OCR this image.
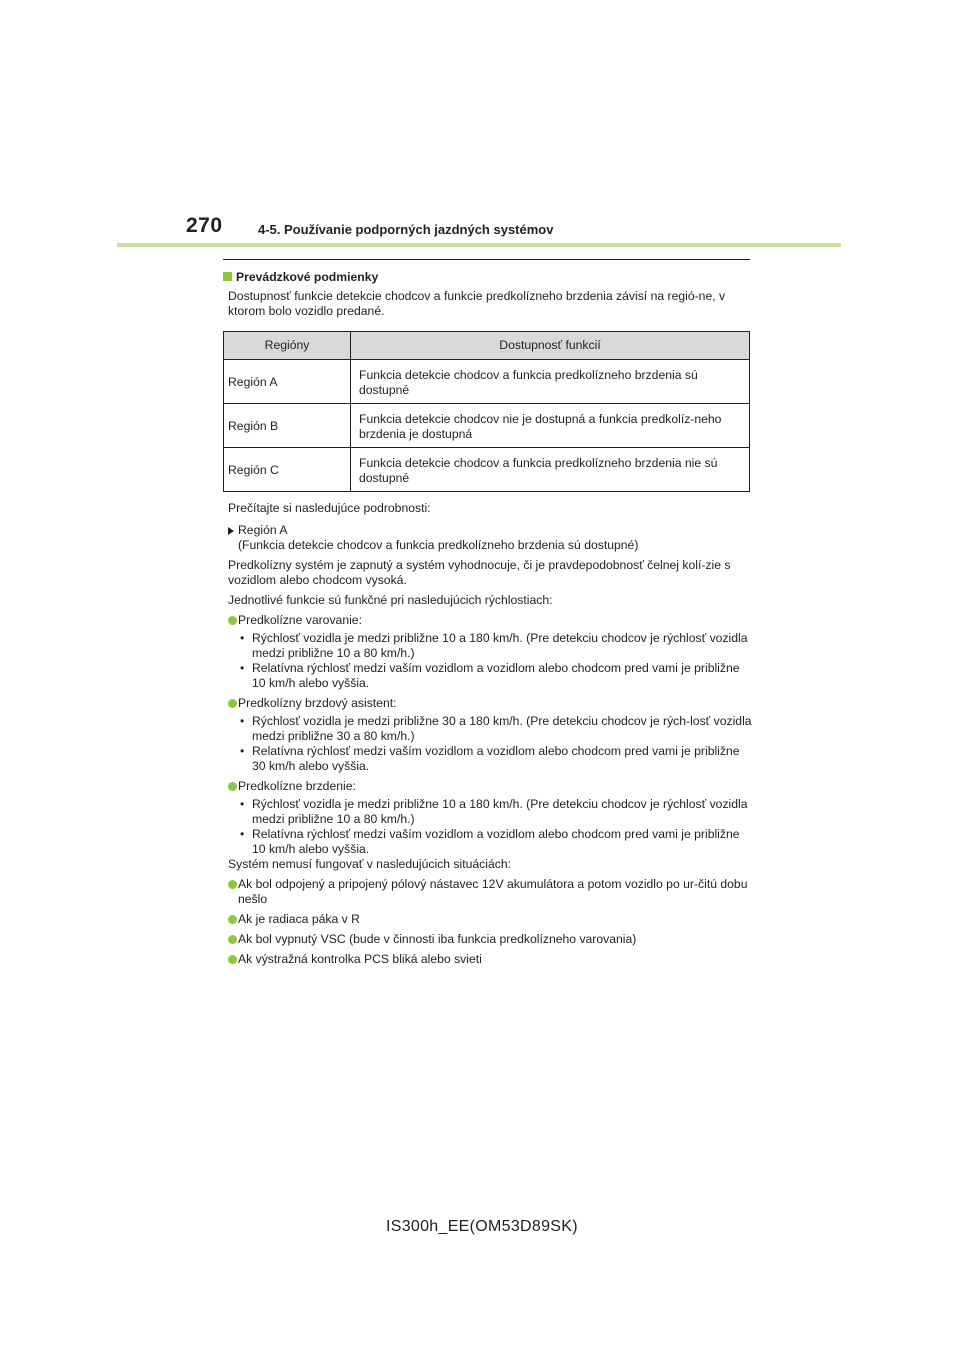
270	4-5. Používanie podporných jazdných systémov
Prevádzkové podmienky

Dostupnosť funkcie detekcie chodcov a funkcie predkolízneho brzdenia závisí na regió-ne, v ktorom bolo vozidlo predané.

Regióny	Dostupnosť funkcií
Región A	Funkcia detekcie chodcov a funkcia predkolízneho brzdenia sú dostupné
Región B	Funkcia detekcie chodcov nie je dostupná a funkcia predkolíz-neho brzdenia je dostupná
Región C	Funkcia detekcie chodcov a funkcia predkolízneho brzdenia nie sú dostupné

Prečítajte si nasledujúce podrobnosti:

Región A
(Funkcia detekcie chodcov a funkcia predkolízneho brzdenia sú dostupné)

Predkolízny systém je zapnutý a systém vyhodnocuje, či je pravdepodobnosť čelnej kolí-zie s vozidlom alebo chodcom vysoká.

Jednotlivé funkcie sú funkčné pri nasledujúcich rýchlostiach:

Predkolízne varovanie:
• Rýchlosť vozidla je medzi približne 10 a 180 km/h. (Pre detekciu chodcov je rýchlosť vozidla medzi približne 10 a 80 km/h.)
• Relatívna rýchlosť medzi vaším vozidlom a vozidlom alebo chodcom pred vami je približne 10 km/h alebo vyššia.
Predkolízny brzdový asistent:
• Rýchlosť vozidla je medzi približne 30 a 180 km/h. (Pre detekciu chodcov je rých-losť vozidla medzi približne 30 a 80 km/h.)
• Relatívna rýchlosť medzi vaším vozidlom a vozidlom alebo chodcom pred vami je približne 30 km/h alebo vyššia.
Predkolízne brzdenie:
• Rýchlosť vozidla je medzi približne 10 a 180 km/h. (Pre detekciu chodcov je rýchlosť vozidla medzi približne 10 a 80 km/h.)
• Relatívna rýchlosť medzi vaším vozidlom a vozidlom alebo chodcom pred vami je približne 10 km/h alebo vyššia.

Systém nemusí fungovať v nasledujúcich situáciách:

Ak bol odpojený a pripojený pólový nástavec 12V akumulátora a potom vozidlo po ur-čitú dobu nešlo
Ak je radiaca páka v R
Ak bol vypnutý VSC (bude v činnosti iba funkcia predkolízneho varovania)
Ak výstražná kontrolka PCS bliká alebo svieti
IS300h_EE(OM53D89SK)
